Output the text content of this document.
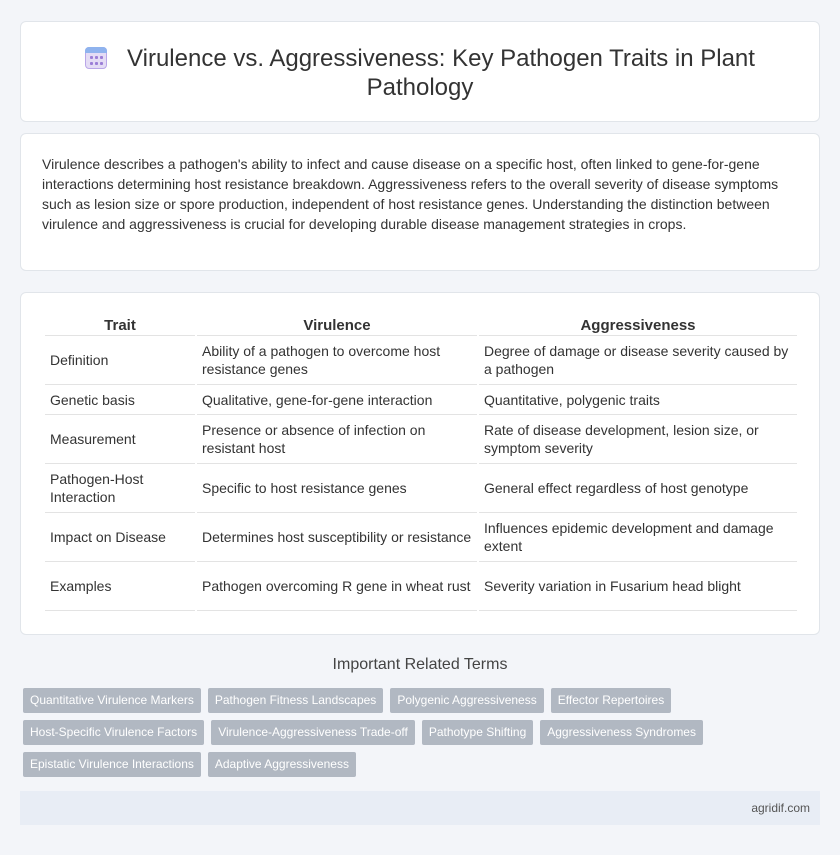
Virulence vs. Aggressiveness: Key Pathogen Traits in Plant Pathology

Virulence describes a pathogen's ability to infect and cause disease on a specific host, often linked to gene-for-gene interactions determining host resistance breakdown. Aggressiveness refers to the overall severity of disease symptoms such as lesion size or spore production, independent of host resistance genes. Understanding the distinction between virulence and aggressiveness is crucial for developing durable disease management strategies in crops.

Trait	Virulence	Aggressiveness
Definition	Ability of a pathogen to overcome host resistance genes	Degree of damage or disease severity caused by a pathogen
Genetic basis	Qualitative, gene-for-gene interaction	Quantitative, polygenic traits
Measurement	Presence or absence of infection on resistant host	Rate of disease development, lesion size, or symptom severity
Pathogen-Host Interaction	Specific to host resistance genes	General effect regardless of host genotype
Impact on Disease	Determines host susceptibility or resistance	Influences epidemic development and damage extent
Examples	Pathogen overcoming R gene in wheat rust	Severity variation in Fusarium head blight
Important Related Terms
Quantitative Virulence Markers	Pathogen Fitness Landscapes	Polygenic Aggressiveness	Effector Repertoires
Host-Specific Virulence Factors	Virulence-Aggressiveness Trade-off	Pathotype Shifting	Aggressiveness Syndromes
Epistatic Virulence Interactions	Adaptive Aggressiveness
agridif.com
